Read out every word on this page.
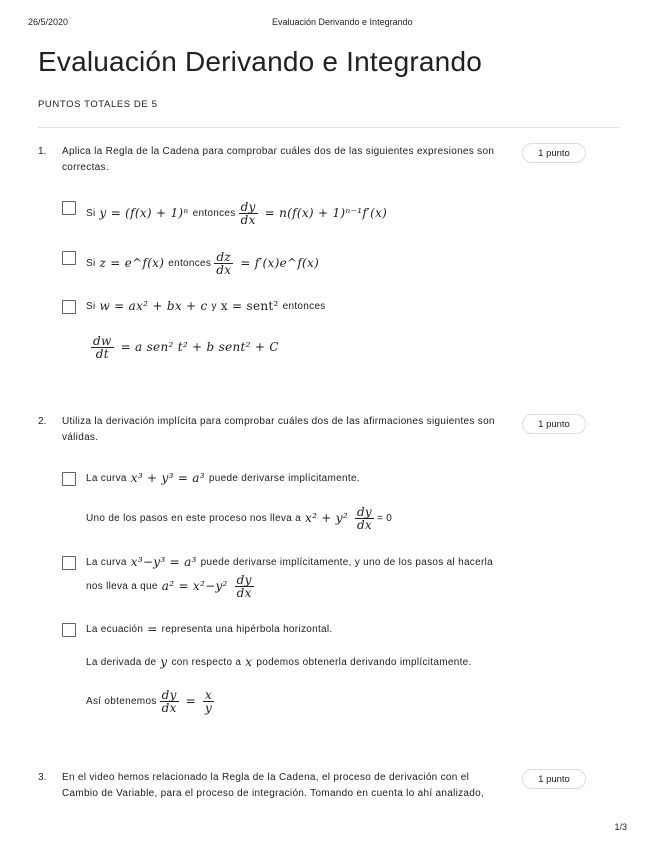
26/5/2020	Evaluación Derivando e Integrando
Evaluación Derivando e Integrando
PUNTOS TOTALES DE 5
1. Aplica la Regla de la Cadena para comprobar cuáles dos de las siguientes expresiones son correctas.
1 punto
Si y = (f(x) + 1)ⁿ entonces $\frac{dy}{dx} = n(f(x) + 1)^{n-1}f'(x)$
Si z = e^f(x) entonces $\frac{dz}{dx}$ = f′(x)e^f(x)
Si w = ax² + bx + c y x = sent² entonces
$\frac{dw}{dt} = a$ sen² t² + b sent² + C
2. Utiliza la derivación implícita para comprobar cuáles dos de las afirmaciones siguientes son válidas.
1 punto
La curva x³ + y³ = a³ puede derivarse implícitamente.
Uno de los pasos en este proceso nos lleva a $x^2 + y^2 \frac{dy}{dx} = 0$
La curva x³−y³ = a³ puede derivarse implícitamente, y uno de los pasos al hacerla
nos lleva a que $a^2 = x^2-y^2 \frac{dy}{dx}$
La ecuación = representa una hipérbola horizontal.
La derivada de y con respecto a x podemos obtenerla derivando implícitamente.
Así obtenemos $\frac{dy}{dx} = \frac{x}{y}$
3. En el video hemos relacionado la Regla de la Cadena, el proceso de derivación con el
Cambio de Variable, para el proceso de integración. Tomando en cuenta lo ahí analizado,
1 punto
1/3
